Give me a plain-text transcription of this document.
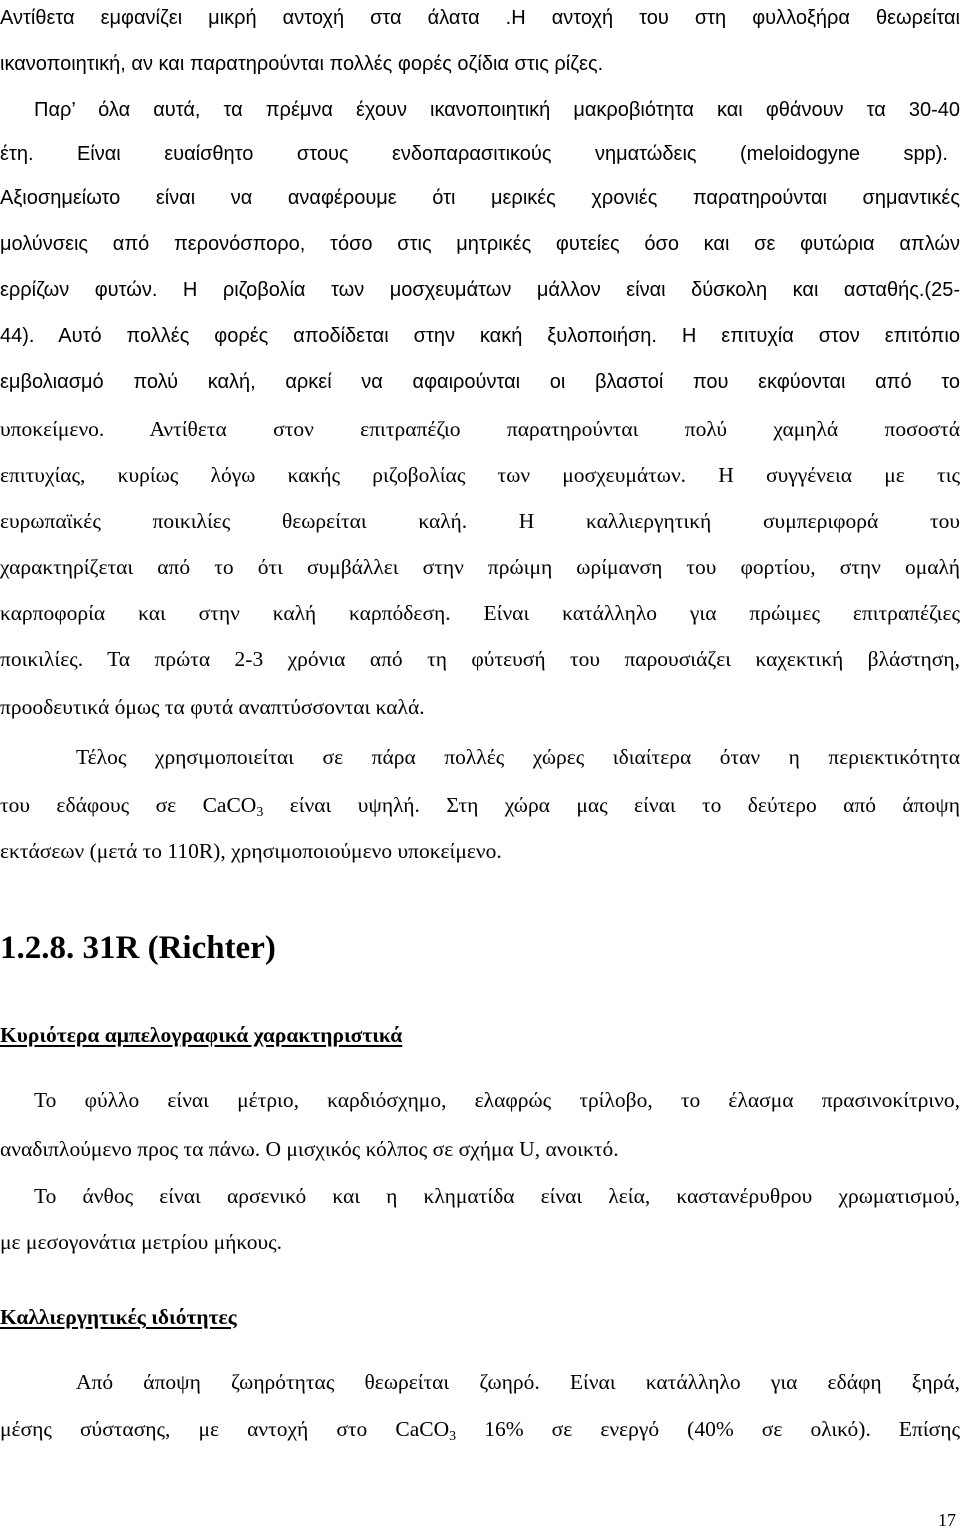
Αντίθετα εμφανίζει μικρή αντοχή στα άλατα .Η αντοχή του στη φυλλοξήρα θεωρείται

ικανοποιητική, αν και παρατηρούνται πολλές φορές οζίδια στις ρίζες.

Παρ’ όλα αυτά, τα πρέμνα έχουν ικανοποιητική μακροβιότητα και φθάνουν τα 30-40

έτη. Είναι ευαίσθητο στους ενδοπαρασιτικούς νηματώδεις (meloidogyne spp).

Αξιοσημείωτο είναι να αναφέρουμε ότι μερικές χρονιές παρατηρούνται σημαντικές

μολύνσεις από περονόσπορο, τόσο στις μητρικές φυτείες όσο και σε φυτώρια απλών

ερρίζων φυτών. Η ριζοβολία των μοσχευμάτων μάλλον είναι δύσκολη και ασταθής.(25-

44). Αυτό πολλές φορές αποδίδεται στην κακή ξυλοποιήση. Η επιτυχία στον επιτόπιο

εμβολιασμό πολύ καλή, αρκεί να αφαιρούνται οι βλαστοί που εκφύονται από το

υποκείμενο. Αντίθετα στον επιτραπέζιο παρατηρούνται πολύ χαμηλά ποσοστά

επιτυχίας, κυρίως λόγω κακής ριζοβολίας των μοσχευμάτων. Η συγγένεια με τις

ευρωπαϊκές ποικιλίες θεωρείται καλή. Η καλλιεργητική συμπεριφορά του

χαρακτηρίζεται από το ότι συμβάλλει στην πρώιμη ωρίμανση του φορτίου, στην ομαλή

καρποφορία και στην καλή καρπόδεση. Είναι κατάλληλο για πρώιμες επιτραπέζιες

ποικιλίες. Τα πρώτα 2-3 χρόνια από τη φύτευσή του παρουσιάζει καχεκτική βλάστηση,

προοδευτικά όμως τα φυτά αναπτύσσονται καλά.

Τέλος χρησιμοποιείται σε πάρα πολλές χώρες ιδιαίτερα όταν η περιεκτικότητα

του εδάφους σε CaCO$_3$ είναι υψηλή. Στη χώρα μας είναι το δεύτερο από άποψη

εκτάσεων (μετά το 110R), χρησιμοποιούμενο υποκείμενο.

1.2.8. 31R (Richter)

Κυριότερα αμπελογραφικά χαρακτηριστικά

Το φύλλο είναι μέτριο, καρδιόσχημο, ελαφρώς τρίλοβο, το έλασμα πρασινοκίτρινο,

αναδιπλούμενο προς τα πάνω. Ο μισχικός κόλπος σε σχήμα U, ανοικτό.

Το άνθος είναι αρσενικό και η κληματίδα είναι λεία, καστανέρυθρου χρωματισμού,

με μεσογονάτια μετρίου μήκους.

Καλλιεργητικές ιδιότητες

Από άποψη ζωηρότητας θεωρείται ζωηρό. Είναι κατάλληλο για εδάφη ξηρά,

μέσης σύστασης, με αντοχή στο CaCO$_3$ 16% σε ενεργό (40% σε ολικό). Επίσης

17
